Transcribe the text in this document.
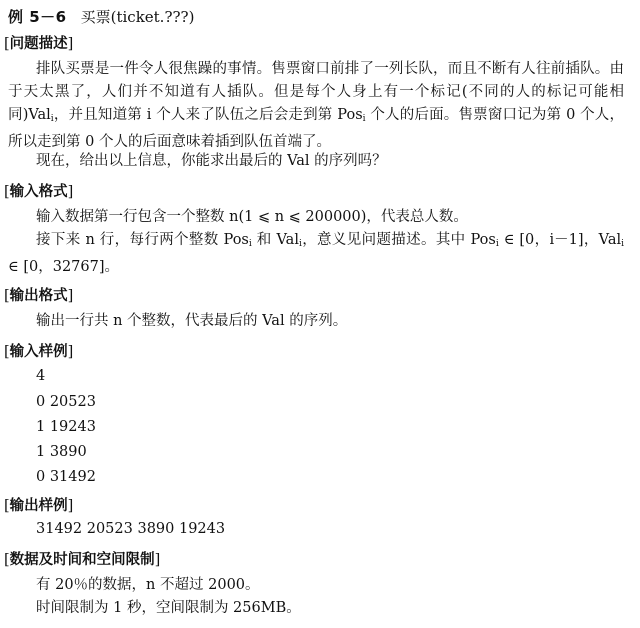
例 5－6 买票(ticket.???)
[问题描述]
排队买票是一件令人很焦躁的事情。售票窗口前排了一列长队，而且不断有人往前插队。由于天太黑了，人们并不知道有人插队。但是每个人身上有一个标记(不同的人的标记可能相同)Val$_i$，并且知道第 i 个人来了队伍之后会走到第 Pos$_i$ 个人的后面。售票窗口记为第 0 个人，所以走到第 0 个人的后面意味着插到队伍首端了。
现在，给出以上信息，你能求出最后的 Val 的序列吗？
[输入格式]
输入数据第一行包含一个整数 n(1 ⩽ n ⩽ 200000)，代表总人数。
接下来 n 行，每行两个整数 Pos$_i$ 和 Val$_i$，意义见问题描述。其中 Pos$_i$ ∈ [0，i－1]，Val$_i$ ∈ [0，32767]。
[输出格式]
输出一行共 n 个整数，代表最后的 Val 的序列。
[输入样例]
4
0 20523
1 19243
1 3890
0 31492
[输出样例]
31492 20523 3890 19243
[数据及时间和空间限制]
有 20％的数据，n 不超过 2000。
时间限制为 1 秒，空间限制为 256MB。
